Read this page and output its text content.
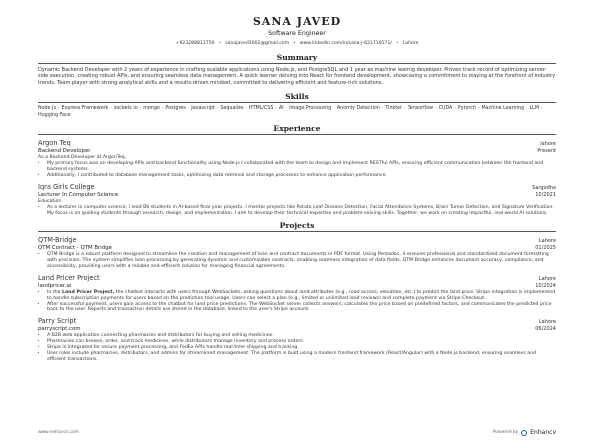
SANA JAVED
Software Engineer
+923288812759 • sanajaved1002@gmail.com • www.linkedin.com/in/sana-j-621719171/ • Lahore
Summary
Dynamic Backend Developer with 2 years of experience in crafting scalable applications using Node.js, and PostgreSQL and 1 year as machine learnig developer. Proven track record of optimizing server-side execution, creating robust APIs, and ensuring seamless data management. A quick learner delving into React for frontend development, showcasing a commitment to staying at the forefront of industry trends. Team player with strong analytical skills and a results-driven mindset, committed to delivering efficient and feature-rich solutions.
Skills
Node Js · Express Framework · sockets io · mongo · Postgres · Javascript · Sequalize · HTML/CSS · AI · Image Processing · Anomly Detection · Tinkter · Tensorflow · CUDA · Pytorch · Machine Learning · LLM ·
Hugging Face
Experience
Argon Teq	lahore
Backend Developer	Present
As a Backend Developer at ArgonTeq,
• My primary focus was on developing APIs and backend functionality using Node.js I collaborated with the team to design and implement RESTful APIs, ensuring efficient communication between the frontend and backend systems.
• Additionally, I contributed to database management tasks, optimizing data retrieval and storage processes to enhance application performance.
Iqra Girls College	Sargodha
Lecturer In Computer Science	10/2021
Education
• As a lecturer in computer science, I lead BS students in AI-based final year projects. I mentor projects like Potato Leaf Disease Detection, Facial Attendance Systems, Brain Tumor Detection, and Signature Verification. My focus is on guiding students through research, design, and implementation. I aim to develop their technical expertise and problem-solving skills. Together, we work on creating impactful, real-world AI solutions.
Projects
QTM-Bridge	Lahore
QTM Contract - QTM Bridge	01/2025
• QTM Bridge is a robust platform designed to streamline the creation and management of loan and contract documents in PDF format. Using Pentadoc, it ensures professional and standardized document formatting with precision. The system simplifies loan processing by generating dynamic and customizable contracts, enabling seamless integration of data fields. QTM Bridge enhances document accuracy, compliance, and accessibility, providing users with a reliable and efficient solution for managing financial agreements.
Land Pricer Project	Lahore
landpricer.ai	10/2024
• In the Land Pricer Project, the chatbot interacts with users through WebSockets, asking questions about land attributes (e.g., road access, elevation, etc.) to predict the land price. Stripe integration is implemented to handle subscription payments for users based on the prediction tool usage. Users can select a plan (e.g., limited or unlimited land reviews) and complete payment via Stripe Checkout.
• After successful payment, users gain access to the chatbot for land price predictions. The WebSocket server collects answers, calculates the price based on predefined factors, and communicates the predicted price back to the user. Reports and transaction details are stored in the database, linked to the user's Stripe account.
Parry Script	Lahore
parryscript.com	06/2024
• A B2B web application connecting pharmacies and distributors for buying and selling medicines.
• Pharmacies can browse, order, and track medicines, while distributors manage inventory and process orders.
• Stripe is integrated for secure payment processing, and FedEx APIs handle real-time shipping and tracking.
• User roles include pharmacies, distributors, and admins for streamlined management. The platform is built using a modern frontend framework (React/Angular) with a Node.js backend, ensuring seamless and efficient transactions.
www.enhancv.com	Powered by Enhancv
